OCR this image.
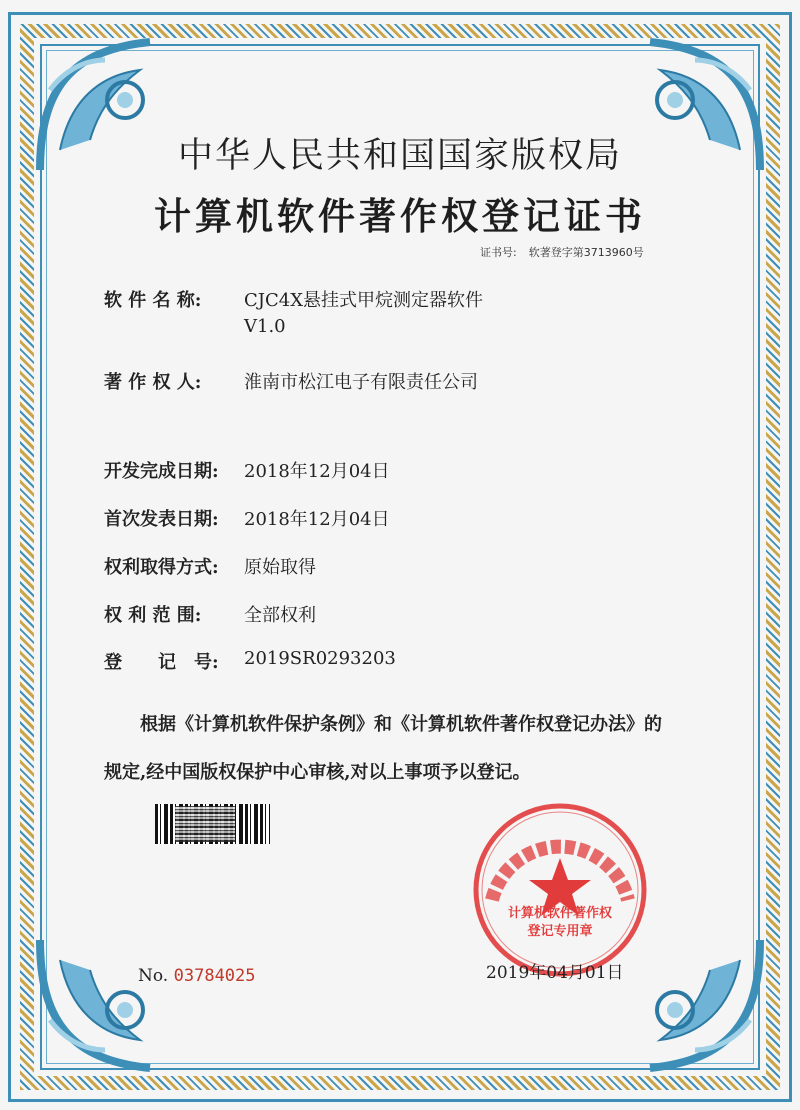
中华人民共和国国家版权局
计算机软件著作权登记证书
证书号: 软著登字第3713960号
软 件 名 称: CJC4X悬挂式甲烷测定器软件
V1.0
著 作 权 人: 淮南市松江电子有限责任公司
开发完成日期: 2018年12月04日
首次发表日期: 2018年12月04日
权利取得方式: 原始取得
权 利 范 围: 全部权利
登　　记　号: 2019SR0293203
根据《计算机软件保护条例》和《计算机软件著作权登记办法》的
规定,经中国版权保护中心审核,对以上事项予以登记。
计算机软件著作权
登记专用章
2019年04月01日
No. 03784025
